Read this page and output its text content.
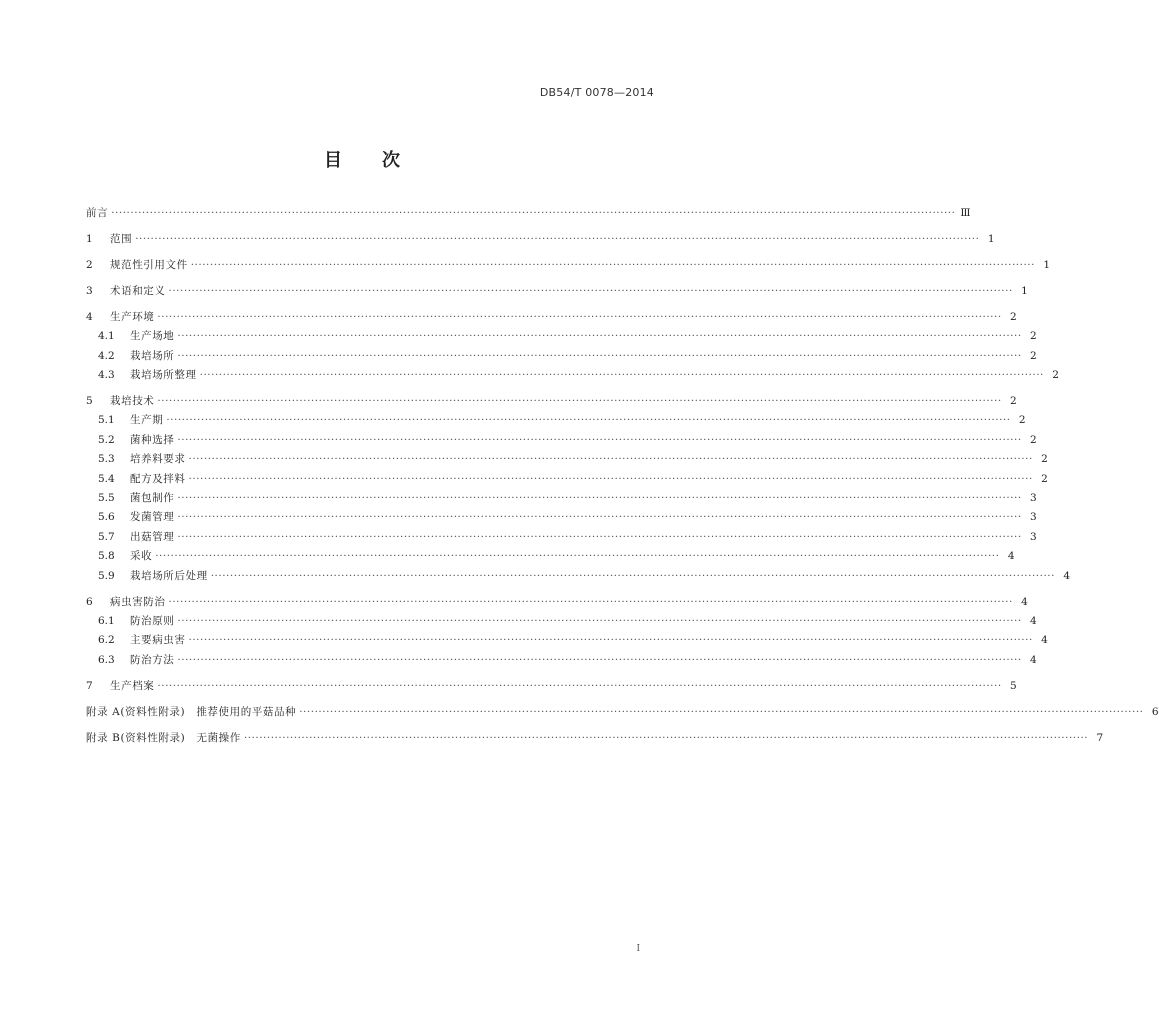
DB54/T 0078—2014
目 次
前言 ···························································································································································································································· Ⅲ
1	范围 ···························································································································································································································· 1
2	规范性引用文件 ···························································································································································································································· 1
3	术语和定义 ···························································································································································································································· 1
4	生产环境 ···························································································································································································································· 2
4.1	生产场地 ···························································································································································································································· 2
4.2	栽培场所 ···························································································································································································································· 2
4.3	栽培场所整理 ···························································································································································································································· 2
5	栽培技术 ···························································································································································································································· 2
5.1	生产期 ···························································································································································································································· 2
5.2	菌种选择 ···························································································································································································································· 2
5.3	培养料要求 ···························································································································································································································· 2
5.4	配方及拌料 ···························································································································································································································· 2
5.5	菌包制作 ···························································································································································································································· 3
5.6	发菌管理 ···························································································································································································································· 3
5.7	出菇管理 ···························································································································································································································· 3
5.8	采收 ···························································································································································································································· 4
5.9	栽培场所后处理 ···························································································································································································································· 4
6	病虫害防治 ···························································································································································································································· 4
6.1	防治原则 ···························································································································································································································· 4
6.2	主要病虫害 ···························································································································································································································· 4
6.3	防治方法 ···························································································································································································································· 4
7	生产档案 ···························································································································································································································· 5
附录 A(资料性附录)　推荐使用的平菇品种 ···························································································································································································································· 6
附录 B(资料性附录)　无菌操作 ···························································································································································································································· 7
I
